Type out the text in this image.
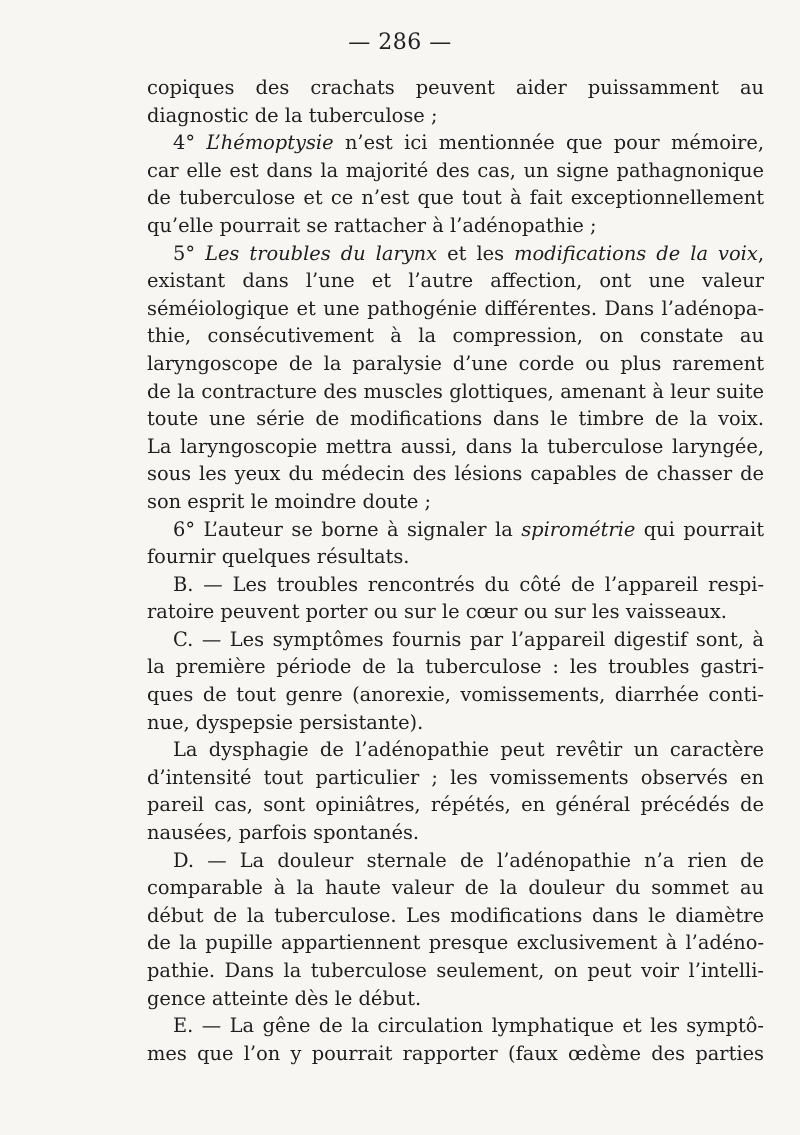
— 286 —
copiques des crachats peuvent aider puissamment au
diagnostic de la tuberculose ;
4° L’hémoptysie n’est ici mentionnée que pour mémoire,
car elle est dans la majorité des cas, un signe pathagnonique
de tuberculose et ce n’est que tout à fait exceptionnellement
qu’elle pourrait se rattacher à l’adénopathie ;
5° Les troubles du larynx et les modifications de la voix,
existant dans l’une et l’autre affection, ont une valeur
séméiologique et une pathogénie différentes. Dans l’adénopa-
thie, consécutivement à la compression, on constate au
laryngoscope de la paralysie d’une corde ou plus rarement
de la contracture des muscles glottiques, amenant à leur suite
toute une série de modifications dans le timbre de la voix.
La laryngoscopie mettra aussi, dans la tuberculose laryngée,
sous les yeux du médecin des lésions capables de chasser de
son esprit le moindre doute ;
6° L’auteur se borne à signaler la spirométrie qui pourrait
fournir quelques résultats.
B. — Les troubles rencontrés du côté de l’appareil respi-
ratoire peuvent porter ou sur le cœur ou sur les vaisseaux.
C. — Les symptômes fournis par l’appareil digestif sont, à
la première période de la tuberculose : les troubles gastri-
ques de tout genre (anorexie, vomissements, diarrhée conti-
nue, dyspepsie persistante).
La dysphagie de l’adénopathie peut revêtir un caractère
d’intensité tout particulier ; les vomissements observés en
pareil cas, sont opiniâtres, répétés, en général précédés de
nausées, parfois spontanés.
D. — La douleur sternale de l’adénopathie n’a rien de
comparable à la haute valeur de la douleur du sommet au
début de la tuberculose. Les modifications dans le diamètre
de la pupille appartiennent presque exclusivement à l’adéno-
pathie. Dans la tuberculose seulement, on peut voir l’intelli-
gence atteinte dès le début.
E. — La gêne de la circulation lymphatique et les symptô-
mes que l’on y pourrait rapporter (faux œdème des parties
